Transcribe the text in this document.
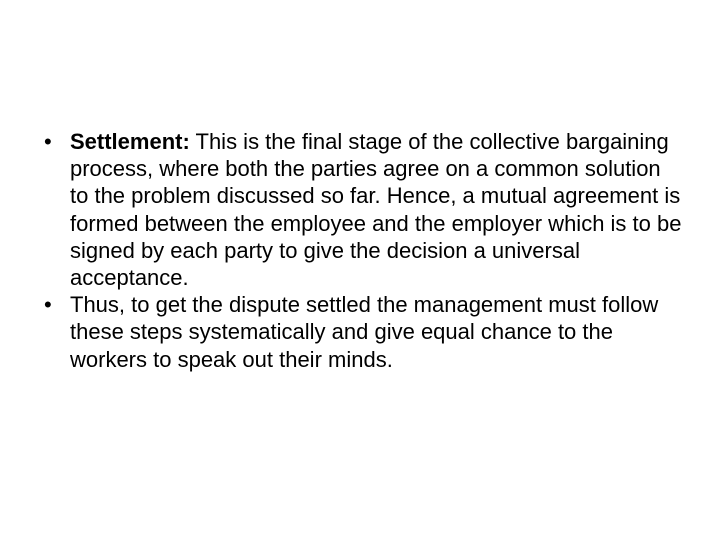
• Settlement: This is the final stage of the collective bargaining process, where both the parties agree on a common solution to the problem discussed so far. Hence, a mutual agreement is formed between the employee and the employer which is to be signed by each party to give the decision a universal acceptance.
• Thus, to get the dispute settled the management must follow these steps systematically and give equal chance to the workers to speak out their minds.
